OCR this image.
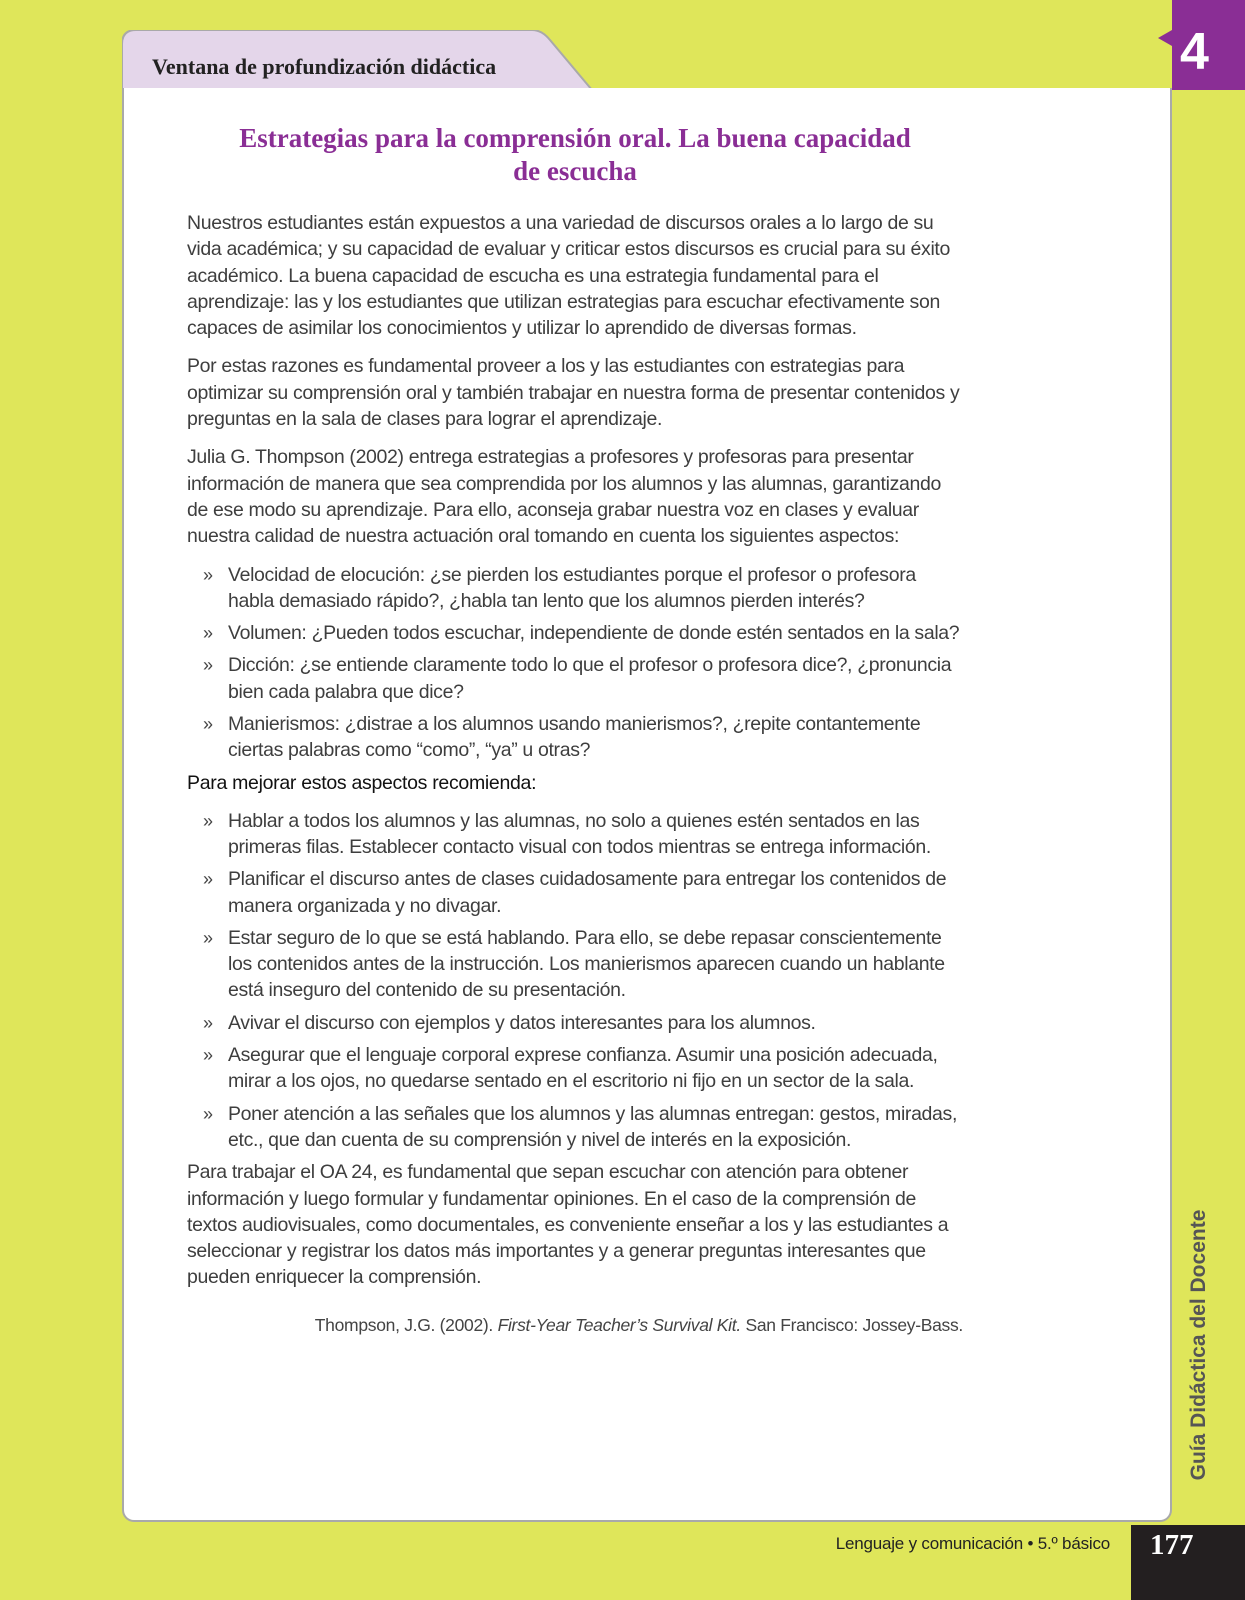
Ventana de profundización didáctica	4
Guía Didáctica del Docente
Estrategias para la comprensión oral. La buena capacidad de escucha

Nuestros estudiantes están expuestos a una variedad de discursos orales a lo largo de su vida académica; y su capacidad de evaluar y criticar estos discursos es crucial para su éxito académico. La buena capacidad de escucha es una estrategia fundamental para el aprendizaje: las y los estudiantes que utilizan estrategias para escuchar efectivamente son capaces de asimilar los conocimientos y utilizar lo aprendido de diversas formas.

Por estas razones es fundamental proveer a los y las estudiantes con estrategias para optimizar su comprensión oral y también trabajar en nuestra forma de presentar contenidos y preguntas en la sala de clases para lograr el aprendizaje.

Julia G. Thompson (2002) entrega estrategias a profesores y profesoras para presentar información de manera que sea comprendida por los alumnos y las alumnas, garantizando de ese modo su aprendizaje. Para ello, aconseja grabar nuestra voz en clases y evaluar nuestra calidad de nuestra actuación oral tomando en cuenta los siguientes aspectos:

» Velocidad de elocución: ¿se pierden los estudiantes porque el profesor o profesora habla demasiado rápido?, ¿habla tan lento que los alumnos pierden interés?
» Volumen: ¿Pueden todos escuchar, independiente de donde estén sentados en la sala?
» Dicción: ¿se entiende claramente todo lo que el profesor o profesora dice?, ¿pronuncia bien cada palabra que dice?
» Manierismos: ¿distrae a los alumnos usando manierismos?, ¿repite contantemente ciertas palabras como “como”, “ya” u otras?
Para mejorar estos aspectos recomienda:
» Hablar a todos los alumnos y las alumnas, no solo a quienes estén sentados en las primeras filas. Establecer contacto visual con todos mientras se entrega información.
» Planificar el discurso antes de clases cuidadosamente para entregar los contenidos de manera organizada y no divagar.
» Estar seguro de lo que se está hablando. Para ello, se debe repasar conscientemente los contenidos antes de la instrucción. Los manierismos aparecen cuando un hablante está inseguro del contenido de su presentación.
» Avivar el discurso con ejemplos y datos interesantes para los alumnos.
» Asegurar que el lenguaje corporal exprese confianza. Asumir una posición adecuada, mirar a los ojos, no quedarse sentado en el escritorio ni fijo en un sector de la sala.
» Poner atención a las señales que los alumnos y las alumnas entregan: gestos, miradas, etc., que dan cuenta de su comprensión y nivel de interés en la exposición.

Para trabajar el OA 24, es fundamental que sepan escuchar con atención para obtener información y luego formular y fundamentar opiniones. En el caso de la comprensión de textos audiovisuales, como documentales, es conveniente enseñar a los y las estudiantes a seleccionar y registrar los datos más importantes y a generar preguntas interesantes que pueden enriquecer la comprensión.

Thompson, J.G. (2002). First-Year Teacher’s Survival Kit. San Francisco: Jossey-Bass.
Lenguaje y comunicación • 5.º básico 177
